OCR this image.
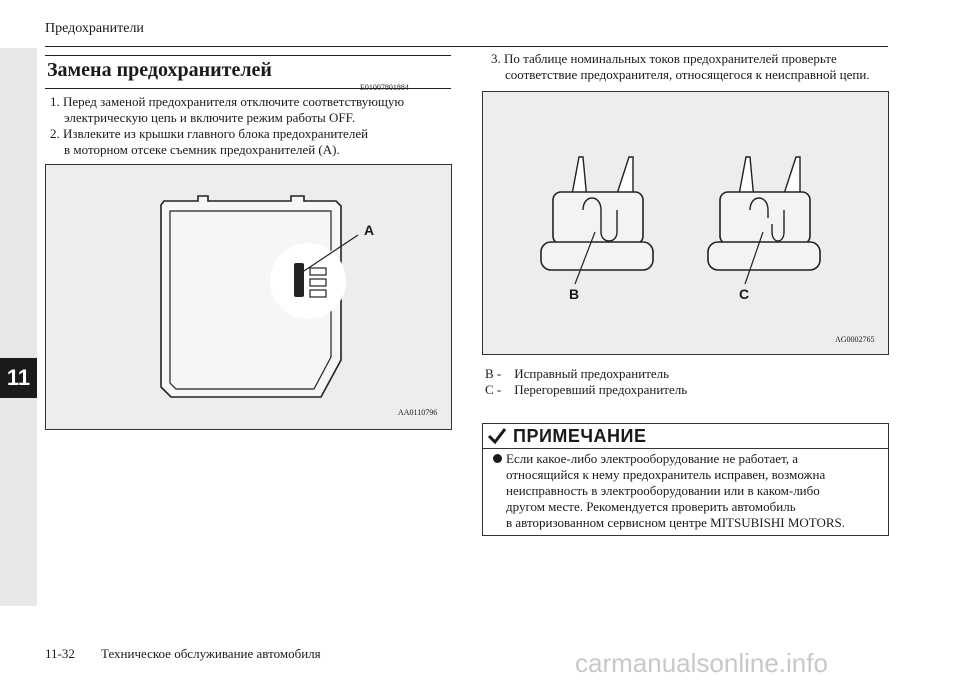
11
Предохранители
Замена предохранителей
E01007801884
1. Перед заменой предохранителя отключите соответствующую
электрическую цепь и включите режим работы OFF.
2. Извлеките из крышки главного блока предохранителей
в моторном отсеке съемник предохранителей (A).
A
AA0110796
3. По таблице номинальных токов предохранителей проверьте
соответствие предохранителя, относящегося к неисправной цепи.
B	C
AG0002765
B - Исправный предохранитель
C - Перегоревший предохранитель
ПРИМЕЧАНИЕ
Если какое-либо электрооборудование не работает, а
относящийся к нему предохранитель исправен, возможна
неисправность в электрооборудовании или в каком-либо
другом месте. Рекомендуется проверить автомобиль
в авторизованном сервисном центре MITSUBISHI MOTORS.
11-32 Техническое обслуживание автомобиля	carmanualsonline.info
